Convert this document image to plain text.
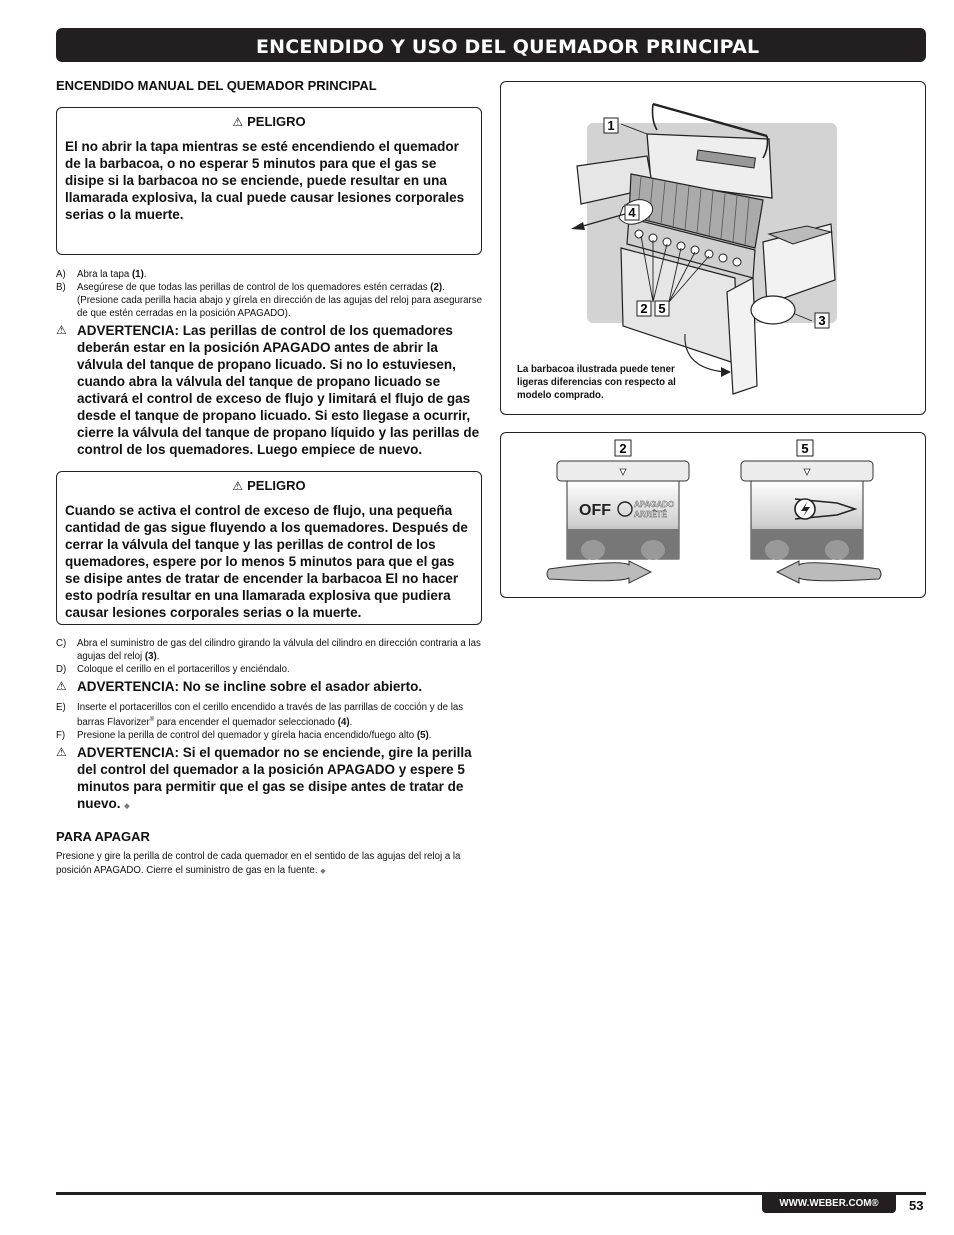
ENCENDIDO Y USO DEL QUEMADOR PRINCIPAL
ENCENDIDO MANUAL DEL QUEMADOR PRINCIPAL
⚠ PELIGRO
El no abrir la tapa mientras se esté encendiendo el quemador de la barbacoa, o no esperar 5 minutos para que el gas se disipe si la barbacoa no se enciende, puede resultar en una llamarada explosiva, la cual puede causar lesiones corporales serias o la muerte.
A)	Abra la tapa (1).
B)	Asegúrese de que todas las perillas de control de los quemadores estén cerradas (2). (Presione cada perilla hacia abajo y gírela en dirección de las agujas del reloj para asegurarse de que estén cerradas en la posición APAGADO).
⚠ ADVERTENCIA: Las perillas de control de los quemadores deberán estar en la posición APAGADO antes de abrir la válvula del tanque de propano licuado. Si no lo estuviesen, cuando abra la válvula del tanque de propano licuado se activará el control de exceso de flujo y limitará el flujo de gas desde el tanque de propano licuado. Si esto llegase a ocurrir, cierre la válvula del tanque de propano líquido y las perillas de control de los quemadores. Luego empiece de nuevo.
⚠ PELIGRO
Cuando se activa el control de exceso de flujo, una pequeña cantidad de gas sigue fluyendo a los quemadores. Después de cerrar la válvula del tanque y las perillas de control de los quemadores, espere por lo menos 5 minutos para que el gas se disipe antes de tratar de encender la barbacoa El no hacer esto podría resultar en una llamarada explosiva que pudiera causar lesiones corporales serias o la muerte.
C)	Abra el suministro de gas del cilindro girando la válvula del cilindro en dirección contraria a las agujas del reloj (3).
D)	Coloque el cerillo en el portacerillos y enciéndalo.
⚠ ADVERTENCIA: No se incline sobre el asador abierto.
E)	Inserte el portacerillos con el cerillo encendido a través de las parrillas de cocción y de las barras Flavorizer® para encender el quemador seleccionado (4).
F)	Presione la perilla de control del quemador y gírela hacia encendido/fuego alto (5).
⚠ ADVERTENCIA: Si el quemador no se enciende, gire la perilla del control del quemador a la posición APAGADO y espere 5 minutos para permitir que el gas se disipe antes de tratar de nuevo. ◆
PARA APAGAR
Presione y gire la perilla de control de cada quemador en el sentido de las agujas del reloj a la posición APAGADO. Cierre el suministro de gas en la fuente. ◆
1
4
2 5
3
La barbacoa ilustrada puede tener ligeras diferencias con respecto al modelo comprado.
2
OFF	APAGADO
ARRÊTÉ
5
WWW.WEBER.COM®	53
